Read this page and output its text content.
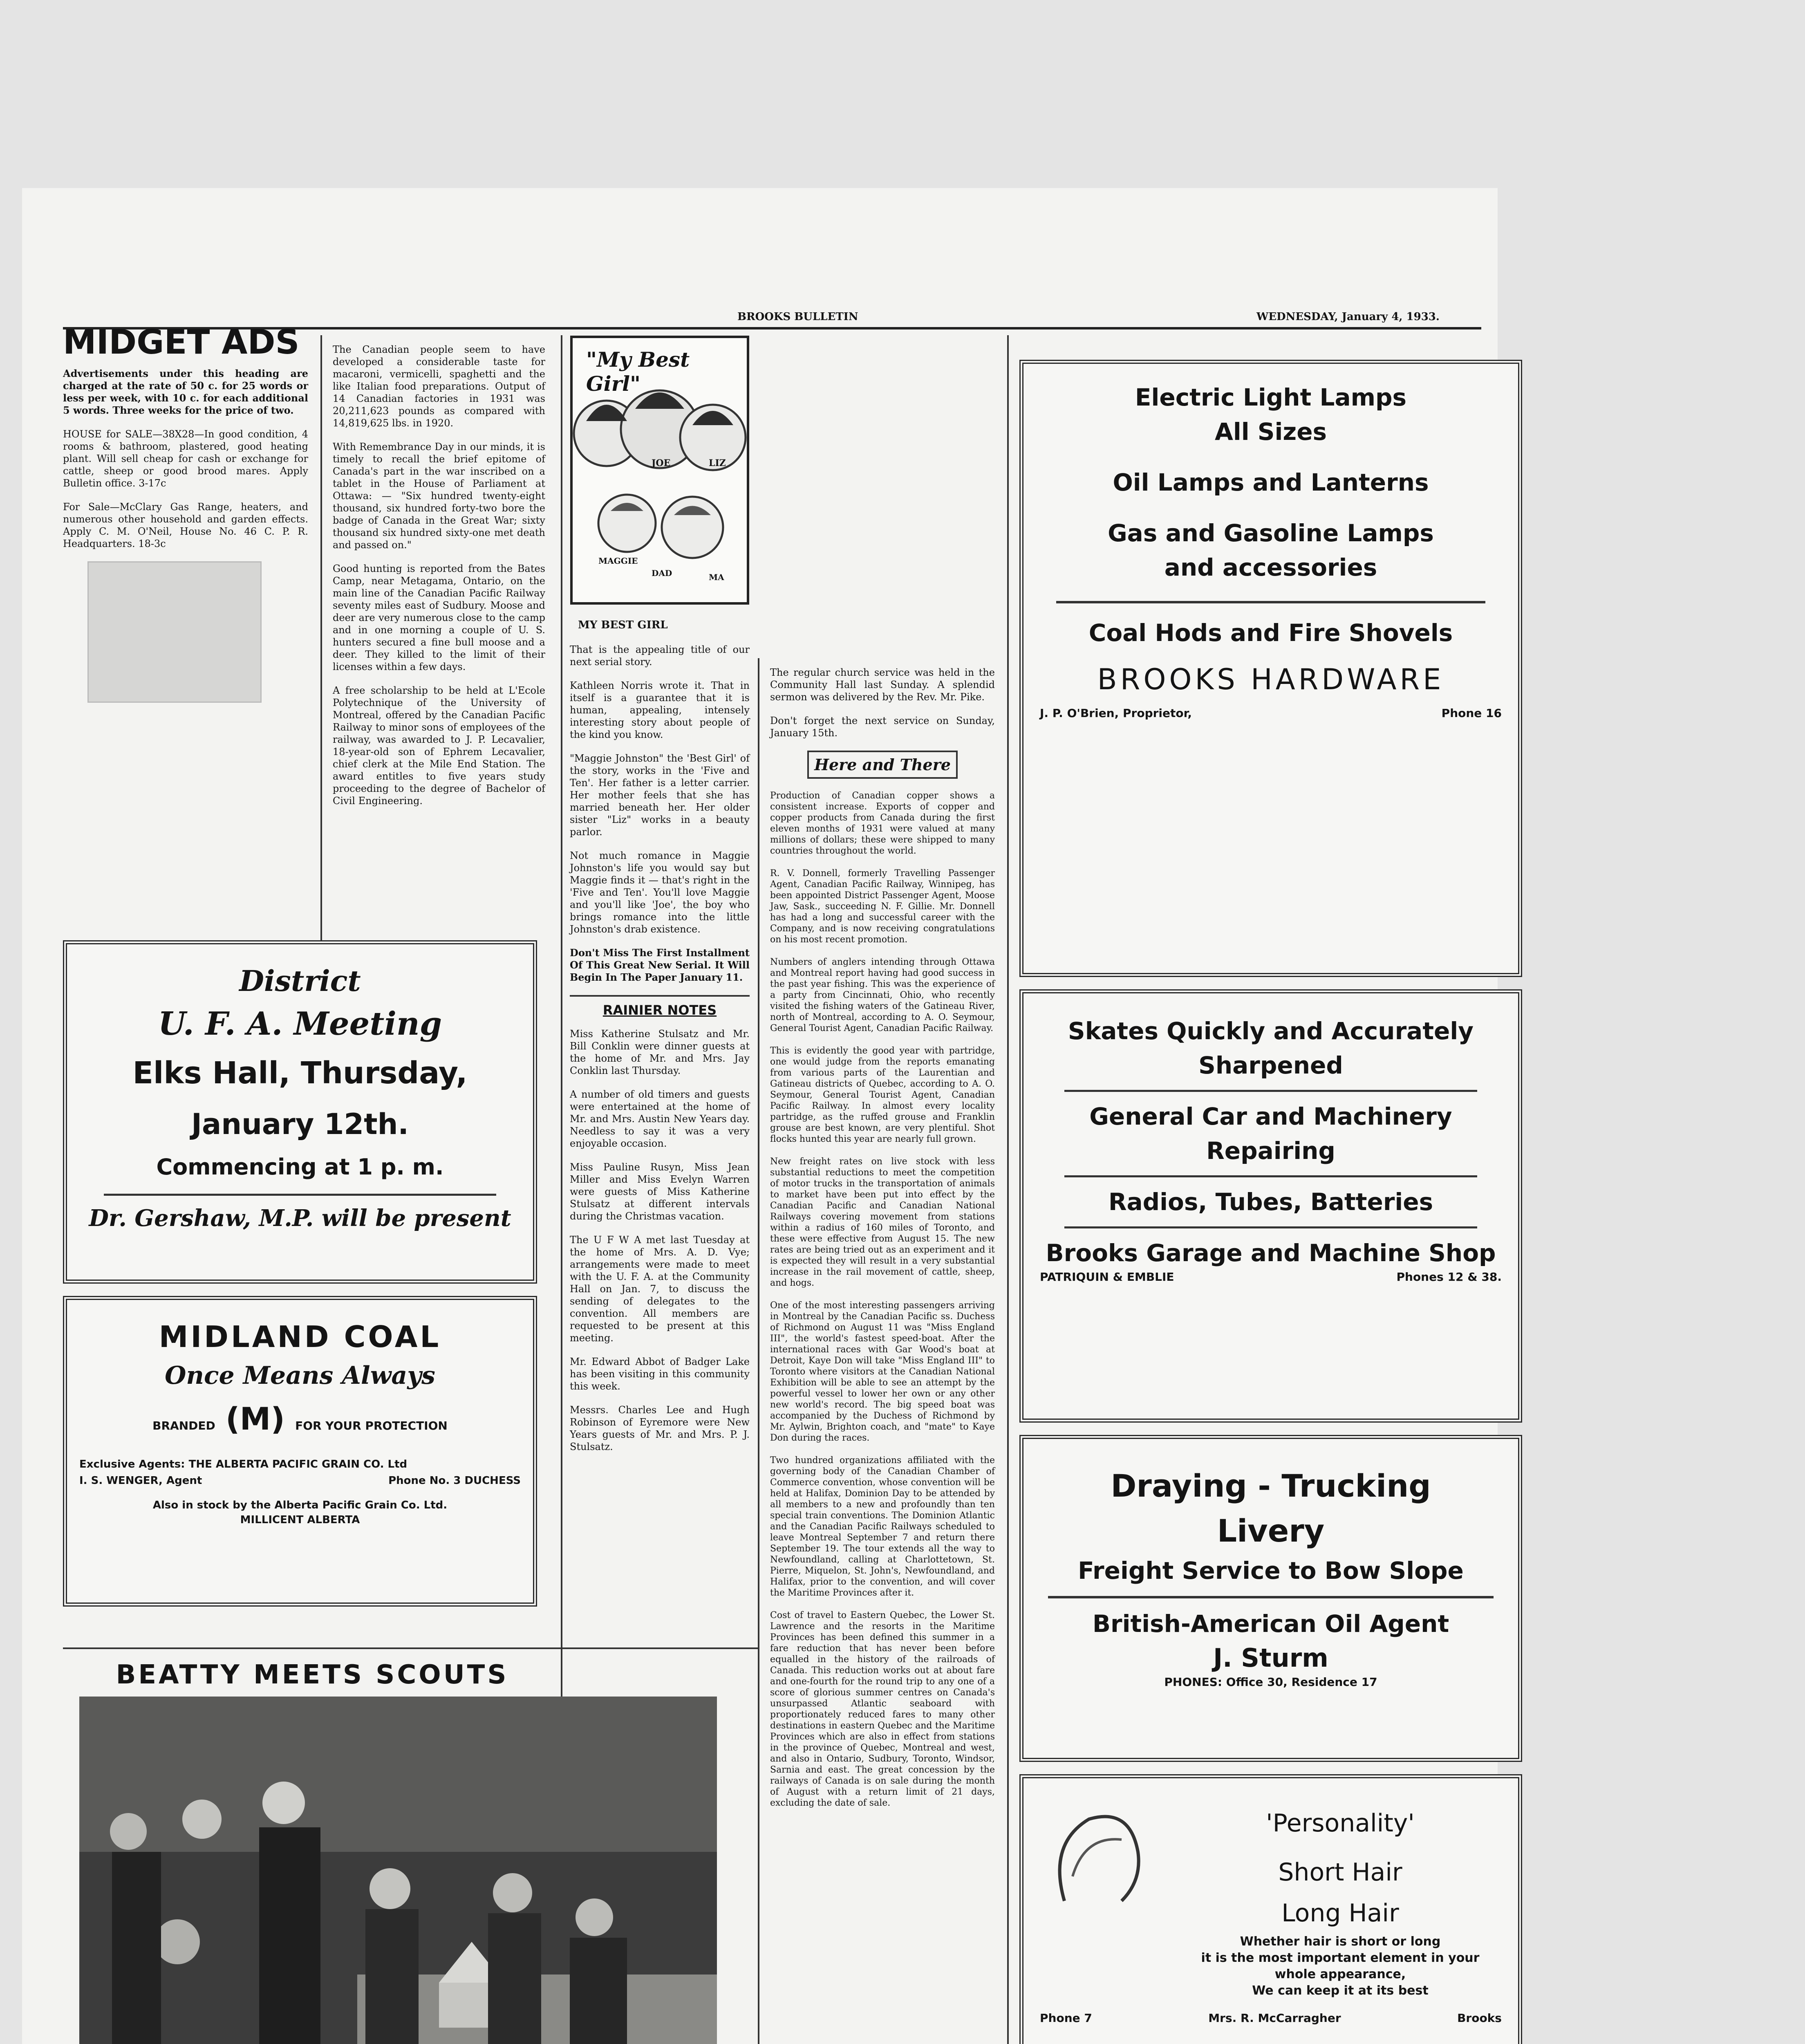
BROOKS BULLETIN	WEDNESDAY, January 4, 1933.
MIDGET ADS

Advertisements under this heading are charged at the rate of 50 c. for 25 words or less per week, with 10 c. for each additional 5 words. Three weeks for the price of two.

HOUSE for SALE—38X28—In good condition, 4 rooms & bathroom, plastered, good heating plant. Will sell cheap for cash or exchange for cattle, sheep or good brood mares. Apply Bulletin office. 3-17c

For Sale—McClary Gas Range, heaters, and numerous other household and garden effects. Apply C. M. O'Neil, House No. 46 C. P. R. Headquarters. 18-3c

The Canadian people seem to have developed a considerable taste for macaroni, vermicelli, spaghetti and the like Italian food preparations. Output of 14 Canadian factories in 1931 was 20,211,623 pounds as compared with 14,819,625 lbs. in 1920.

With Remembrance Day in our minds, it is timely to recall the brief epitome of Canada's part in the war inscribed on a tablet in the House of Parliament at Ottawa: — "Six hundred twenty-eight thousand, six hundred forty-two bore the badge of Canada in the Great War; sixty thousand six hundred sixty-one met death and passed on."

Good hunting is reported from the Bates Camp, near Metagama, Ontario, on the main line of the Canadian Pacific Railway seventy miles east of Sudbury. Moose and deer are very numerous close to the camp and in one morning a couple of U. S. hunters secured a fine bull moose and a deer. They killed to the limit of their licenses within a few days.

A free scholarship to be held at L'Ecole Polytechnique of the University of Montreal, offered by the Canadian Pacific Railway to minor sons of employees of the railway, was awarded to J. P. Lecavalier, 18-year-old son of Ephrem Lecavalier, chief clerk at the Mile End Station. The award entitles to five years study proceeding to the degree of Bachelor of Civil Engineering.

District
U. F. A. Meeting
Elks Hall, Thursday,
January 12th.
Commencing at 1 p. m.
Dr. Gershaw, M.P. will be present
MIDLAND COAL
Once Means Always
BRANDED (M) FOR YOUR PROTECTION
Exclusive Agents: THE ALBERTA PACIFIC GRAIN CO. Ltd
I. S. WENGER, Agent	Phone No. 3 DUCHESS
Also in stock by the Alberta Pacific Grain Co. Ltd.
MILLICENT ALBERTA
"My Best Girl"
JOE	LIZ
MAGGIE
DAD	MA
MY BEST GIRL

That is the appealing title of our next serial story.

Kathleen Norris wrote it. That in itself is a guarantee that it is human, appealing, intensely interesting story about people of the kind you know.

"Maggie Johnston" the 'Best Girl' of the story, works in the 'Five and Ten'. Her father is a letter carrier. Her mother feels that she has married beneath her. Her older sister "Liz" works in a beauty parlor.

Not much romance in Maggie Johnston's life you would say but Maggie finds it — that's right in the 'Five and Ten'. You'll love Maggie and you'll like 'Joe', the boy who brings romance into the little Johnston's drab existence.

Don't Miss The First Installment Of This Great New Serial. It Will Begin In The Paper January 11.

RAINIER NOTES

Miss Katherine Stulsatz and Mr. Bill Conklin were dinner guests at the home of Mr. and Mrs. Jay Conklin last Thursday.

A number of old timers and guests were entertained at the home of Mr. and Mrs. Austin New Years day. Needless to say it was a very enjoyable occasion.

Miss Pauline Rusyn, Miss Jean Miller and Miss Evelyn Warren were guests of Miss Katherine Stulsatz at different intervals during the Christmas vacation.

The U F W A met last Tuesday at the home of Mrs. A. D. Vye; arrangements were made to meet with the U. F. A. at the Community Hall on Jan. 7, to discuss the sending of delegates to the convention. All members are requested to be present at this meeting.

Mr. Edward Abbot of Badger Lake has been visiting in this community this week.

Messrs. Charles Lee and Hugh Robinson of Eyremore were New Years guests of Mr. and Mrs. P. J. Stulsatz.

The regular church service was held in the Community Hall last Sunday. A splendid sermon was delivered by the Rev. Mr. Pike.

Don't forget the next service on Sunday, January 15th.

Here and There

Production of Canadian copper shows a consistent increase. Exports of copper and copper products from Canada during the first eleven months of 1931 were valued at many millions of dollars; these were shipped to many countries throughout the world.

R. V. Donnell, formerly Travelling Passenger Agent, Canadian Pacific Railway, Winnipeg, has been appointed District Passenger Agent, Moose Jaw, Sask., succeeding N. F. Gillie. Mr. Donnell has had a long and successful career with the Company, and is now receiving congratulations on his most recent promotion.

Numbers of anglers intending through Ottawa and Montreal report having had good success in the past year fishing. This was the experience of a party from Cincinnati, Ohio, who recently visited the fishing waters of the Gatineau River, north of Montreal, according to A. O. Seymour, General Tourist Agent, Canadian Pacific Railway.

This is evidently the good year with partridge, one would judge from the reports emanating from various parts of the Laurentian and Gatineau districts of Quebec, according to A. O. Seymour, General Tourist Agent, Canadian Pacific Railway. In almost every locality partridge, as the ruffed grouse and Franklin grouse are best known, are very plentiful. Shot flocks hunted this year are nearly full grown.

New freight rates on live stock with less substantial reductions to meet the competition of motor trucks in the transportation of animals to market have been put into effect by the Canadian Pacific and Canadian National Railways covering movement from stations within a radius of 160 miles of Toronto, and these were effective from August 15. The new rates are being tried out as an experiment and it is expected they will result in a very substantial increase in the rail movement of cattle, sheep, and hogs.

One of the most interesting passengers arriving in Montreal by the Canadian Pacific ss. Duchess of Richmond on August 11 was "Miss England III", the world's fastest speed-boat. After the international races with Gar Wood's boat at Detroit, Kaye Don will take "Miss England III" to Toronto where visitors at the Canadian National Exhibition will be able to see an attempt by the powerful vessel to lower her own or any other new world's record. The big speed boat was accompanied by the Duchess of Richmond by Mr. Aylwin, Brighton coach, and "mate" to Kaye Don during the races.

Two hundred organizations affiliated with the governing body of the Canadian Chamber of Commerce convention, whose convention will be held at Halifax, Dominion Day to be attended by all members to a new and profoundly than ten special train conventions. The Dominion Atlantic and the Canadian Pacific Railways scheduled to leave Montreal September 7 and return there September 19. The tour extends all the way to Newfoundland, calling at Charlottetown, St. Pierre, Miquelon, St. John's, Newfoundland, and Halifax, prior to the convention, and will cover the Maritime Provinces after it.

Cost of travel to Eastern Quebec, the Lower St. Lawrence and the resorts in the Maritime Provinces has been defined this summer in a fare reduction that has never been before equalled in the history of the railroads of Canada. This reduction works out at about fare and one-fourth for the round trip to any one of a score of glorious summer centres on Canada's unsurpassed Atlantic seaboard with proportionately reduced fares to many other destinations in eastern Quebec and the Maritime Provinces which are also in effect from stations in the province of Quebec, Montreal and west, and also in Ontario, Sudbury, Toronto, Windsor, Sarnia and east. The great concession by the railways of Canada is on sale during the month of August with a return limit of 21 days, excluding the date of sale.

Electric Light Lamps
All Sizes
Oil Lamps and Lanterns
Gas and Gasoline Lamps
and accessories
Coal Hods and Fire Shovels
BROOKS HARDWARE
J. P. O'Brien, Proprietor,	Phone 16
Skates Quickly and Accurately
Sharpened
General Car and Machinery
Repairing
Radios, Tubes, Batteries
Brooks Garage and Machine Shop
PATRIQUIN & EMBLIE	Phones 12 & 38.
Draying - Trucking
Livery
Freight Service to Bow Slope
British-American Oil Agent
J. Sturm
PHONES: Office 30, Residence 17
'Personality'
Short Hair
Long Hair
Whether hair is short or long
it is the most important element in your whole appearance,
We can keep it at its best
Phone 7	Mrs. R. McCarragher	Brooks
BEATTY MEETS SCOUTS
